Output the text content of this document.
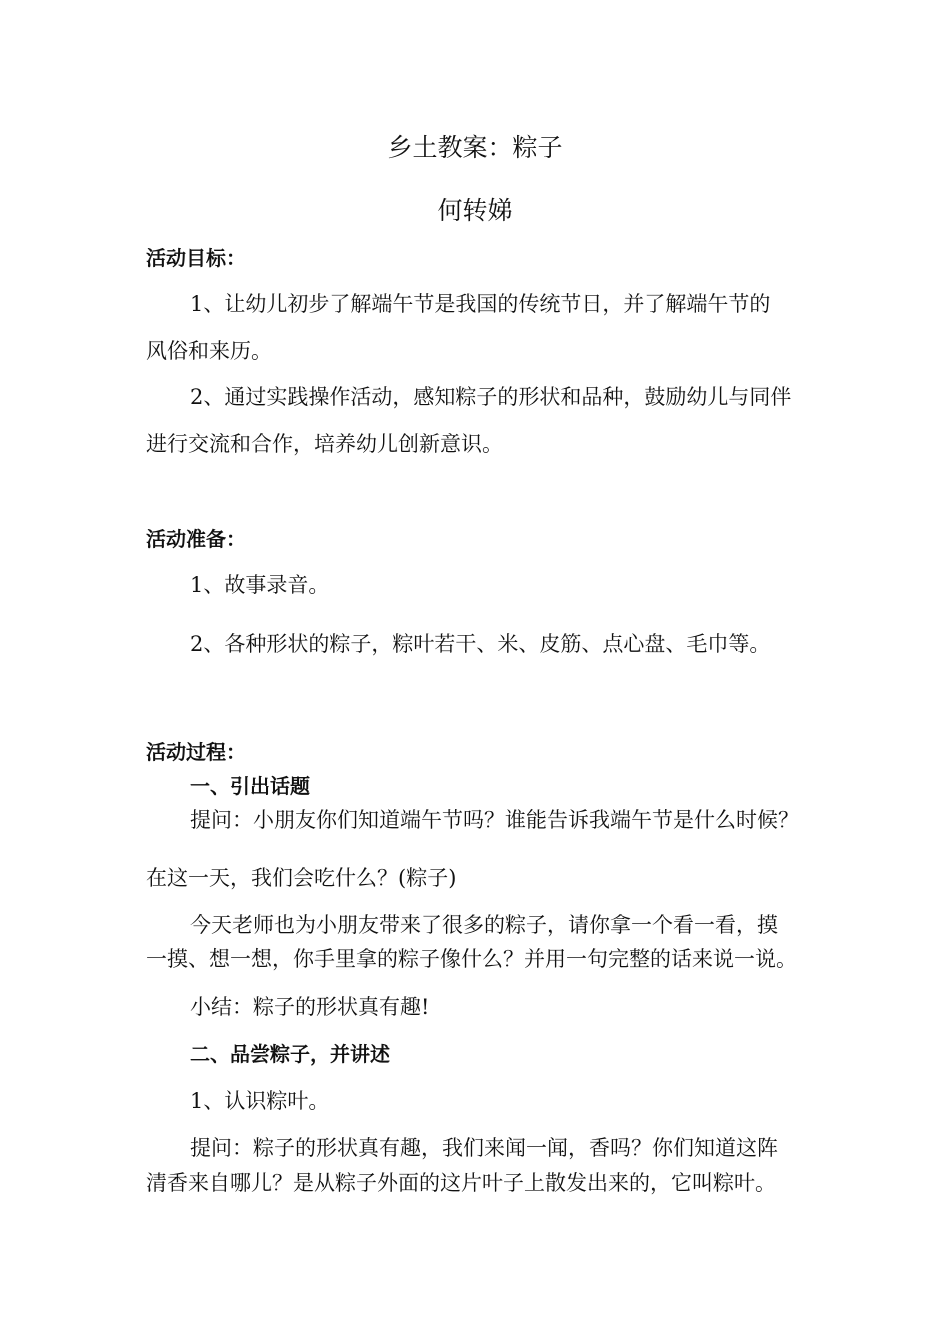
乡土教案：粽子
何转娣
活动目标：
1、让幼儿初步了解端午节是我国的传统节日，并了解端午节的
风俗和来历。
2、通过实践操作活动，感知粽子的形状和品种，鼓励幼儿与同伴
进行交流和合作，培养幼儿创新意识。
活动准备：
1、故事录音。
2、各种形状的粽子，粽叶若干、米、皮筋、点心盘、毛巾等。
活动过程：
一、引出话题
提问：小朋友你们知道端午节吗？谁能告诉我端午节是什么时候？
在这一天，我们会吃什么？(粽子)
今天老师也为小朋友带来了很多的粽子，请你拿一个看一看，摸
一摸、想一想，你手里拿的粽子像什么？并用一句完整的话来说一说。
小结：粽子的形状真有趣!
二、品尝粽子，并讲述
1、认识粽叶。
提问：粽子的形状真有趣，我们来闻一闻，香吗？你们知道这阵
清香来自哪儿？是从粽子外面的这片叶子上散发出来的，它叫粽叶。
